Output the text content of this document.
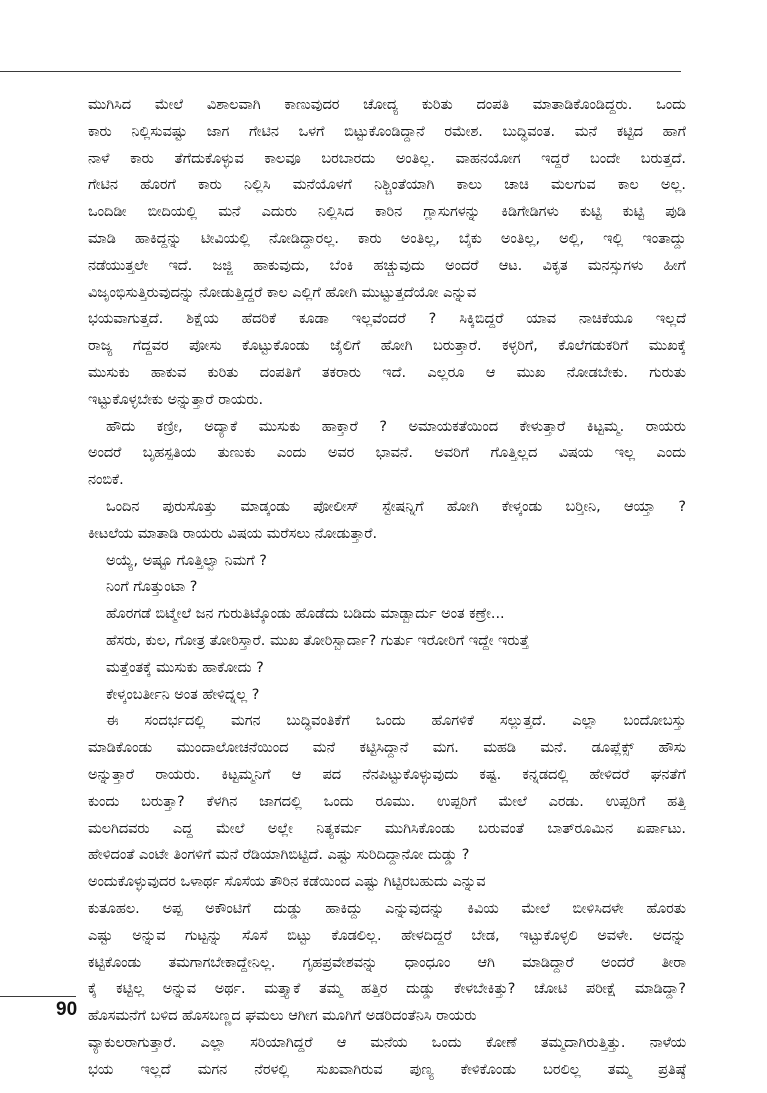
ಮುಗಿಸಿದ ಮೇಲೆ ವಿಶಾಲವಾಗಿ ಕಾಣುವುದರ ಚೋದ್ಯ ಕುರಿತು ದಂಪತಿ ಮಾತಾಡಿಕೊಂಡಿದ್ದರು. ಒಂದು
ಕಾರು ನಿಲ್ಲಿಸುವಷ್ಟು ಜಾಗ ಗೇಟಿನ ಒಳಗೆ ಬಿಟ್ಟುಕೊಂಡಿದ್ದಾನೆ ರಮೇಶ. ಬುದ್ಧಿವಂತ. ಮನೆ ಕಟ್ಟಿದ ಹಾಗೆ
ನಾಳೆ ಕಾರು ತೆಗೆದುಕೊಳ್ಳುವ ಕಾಲವೂ ಬರಬಾರದು ಅಂತಿಲ್ಲ. ವಾಹನಯೋಗ ಇದ್ದರೆ ಬಂದೇ ಬರುತ್ತದೆ.
ಗೇಟಿನ ಹೊರಗೆ ಕಾರು ನಿಲ್ಲಿಸಿ ಮನೆಯೊಳಗೆ ನಿಶ್ಚಿಂತೆಯಾಗಿ ಕಾಲು ಚಾಚಿ ಮಲಗುವ ಕಾಲ ಅಲ್ಲ.
ಒಂದಿಡೀ ಬೀದಿಯಲ್ಲಿ ಮನೆ ಎದುರು ನಿಲ್ಲಿಸಿದ ಕಾರಿನ ಗ್ಲಾಸುಗಳನ್ನು ಕಿಡಿಗೇಡಿಗಳು ಕುಟ್ಟಿ ಕುಟ್ಟಿ ಪುಡಿ
ಮಾಡಿ ಹಾಕಿದ್ದನ್ನು ಟೀವಿಯಲ್ಲಿ ನೋಡಿದ್ದಾರಲ್ಲ. ಕಾರು ಅಂತಿಲ್ಲ, ಬೈಕು ಅಂತಿಲ್ಲ, ಅಲ್ಲಿ, ಇಲ್ಲಿ ಇಂತಾದ್ದು
ನಡೆಯುತ್ತಲೇ ಇದೆ. ಜಜ್ಜಿ ಹಾಕುವುದು, ಬೆಂಕಿ ಹಚ್ಚುವುದು ಅಂದರೆ ಆಟ. ವಿಕೃತ ಮನಸ್ಸುಗಳು ಹೀಗೆ
ವಿಜೃಂಭಿಸುತ್ತಿರುವುದನ್ನು ನೋಡುತ್ತಿದ್ದರೆ ಕಾಲ ಎಲ್ಲಿಗೆ ಹೋಗಿ ಮುಟ್ಟುತ್ತದೆಯೋ ಎನ್ನುವ
ಭಯವಾಗುತ್ತದೆ. ಶಿಕ್ಷೆಯ ಹೆದರಿಕೆ ಕೂಡಾ ಇಲ್ಲವೆಂದರೆ ? ಸಿಕ್ಕಿಬಿದ್ದರೆ ಯಾವ ನಾಚಿಕೆಯೂ ಇಲ್ಲದೆ
ರಾಜ್ಯ ಗೆದ್ದವರ ಪೋಸು ಕೊಟ್ಟುಕೊಂಡು ಜೈಲಿಗೆ ಹೋಗಿ ಬರುತ್ತಾರೆ. ಕಳ್ಳರಿಗೆ, ಕೊಲೆಗಡುಕರಿಗೆ ಮುಖಕ್ಕೆ
ಮುಸುಕು ಹಾಕುವ ಕುರಿತು ದಂಪತಿಗೆ ತಕರಾರು ಇದೆ. ಎಲ್ಲರೂ ಆ ಮುಖ ನೋಡಬೇಕು. ಗುರುತು
ಇಟ್ಟುಕೊಳ್ಳಬೇಕು ಅನ್ನುತ್ತಾರೆ ರಾಯರು.
ಹೌದು ಕಣ್ರೀ, ಅದ್ಯಾಕೆ ಮುಸುಕು ಹಾಕ್ತಾರೆ ? ಅಮಾಯಕತೆಯಿಂದ ಕೇಳುತ್ತಾರೆ ಕಿಟ್ಟಮ್ಮ. ರಾಯರು
ಅಂದರೆ ಬೃಹಸ್ಪತಿಯ ತುಣುಕು ಎಂದು ಅವರ ಭಾವನೆ. ಅವರಿಗೆ ಗೊತ್ತಿಲ್ಲದ ವಿಷಯ ಇಲ್ಲ ಎಂದು
ನಂಬಿಕೆ.
ಒಂದಿನ ಪುರುಸೊತ್ತು ಮಾಡ್ಕಂಡು ಪೋಲೀಸ್ ಸ್ಟೇಷನ್ನಿಗೆ ಹೋಗಿ ಕೇಳ್ಕಂಡು ಬರ್‍ತೀನಿ, ಆಯ್ತಾ ?
ಕೀಟಲೆಯ ಮಾತಾಡಿ ರಾಯರು ವಿಷಯ ಮರೆಸಲು ನೋಡುತ್ತಾರೆ.
ಅಯ್ಯೆ, ಅಷ್ಟೂ ಗೊತ್ತಿಲ್ವಾ ನಿಮಗೆ ?
ನಿಂಗೆ ಗೊತ್ತುಂಟಾ ?
ಹೊರಗಡೆ ಬಿಟ್ಮೇಲೆ ಜನ ಗುರುತಿಟ್ಕೊಂಡು ಹೊಡೆದು ಬಡಿದು ಮಾಡ್ಬಾರ್ದು ಅಂತ ಕಣ್ರೇ...
ಹೆಸರು, ಕುಲ, ಗೋತ್ರ ತೋರಿಸ್ತಾರೆ. ಮುಖ ತೋರಿಸ್ಬಾರ್ದಾ? ಗುರ್ತು ಇರೋರಿಗೆ ಇದ್ದೇ ಇರುತ್ತೆ
ಮತ್ತೆಂತಕ್ಕೆ ಮುಸುಕು ಹಾಕೋದು ?
ಕೇಳ್ಕಂಬರ್ತೀನಿ ಅಂತ ಹೇಳಿದ್ನಲ್ಲ ?
ಈ ಸಂದರ್ಭದಲ್ಲಿ ಮಗನ ಬುದ್ಧಿವಂತಿಕೆಗೆ ಒಂದು ಹೊಗಳಿಕೆ ಸಲ್ಲುತ್ತದೆ. ಎಲ್ಲಾ ಬಂದೋಬಸ್ತು
ಮಾಡಿಕೊಂಡು ಮುಂದಾಲೋಚನೆಯಿಂದ ಮನೆ ಕಟ್ಟಿಸಿದ್ದಾನೆ ಮಗ. ಮಹಡಿ ಮನೆ. ಡೂಪ್ಲೆಕ್ಸ್ ಹೌಸು
ಅನ್ನುತ್ತಾರೆ ರಾಯರು. ಕಿಟ್ಟಮ್ಮನಿಗೆ ಆ ಪದ ನೆನಪಿಟ್ಟುಕೊಳ್ಳುವುದು ಕಷ್ಟ. ಕನ್ನಡದಲ್ಲಿ ಹೇಳಿದರೆ ಘನತೆಗೆ
ಕುಂದು ಬರುತ್ತಾ? ಕೆಳಗಿನ ಜಾಗದಲ್ಲಿ ಒಂದು ರೂಮು. ಉಪ್ಪರಿಗೆ ಮೇಲೆ ಎರಡು. ಉಪ್ಪರಿಗೆ ಹತ್ತಿ
ಮಲಗಿದವರು ಎದ್ದ ಮೇಲೆ ಅಲ್ಲೇ ನಿತ್ಯಕರ್ಮ ಮುಗಿಸಿಕೊಂಡು ಬರುವಂತೆ ಬಾತ್‌ರೂಮಿನ ಏರ್ಪಾಟು.
ಹೇಳಿದಂತೆ ಎಂಟೇ ತಿಂಗಳಿಗೆ ಮನೆ ರೆಡಿಯಾಗಿಬಿಟ್ಟಿದೆ. ಎಷ್ಟು ಸುರಿದಿದ್ದಾನೋ ದುಡ್ಡು ?
ಅಂದುಕೊಳ್ಳುವುದರ ಒಳಾರ್ಥ ಸೊಸೆಯ ತೌರಿನ ಕಡೆಯಿಂದ ಎಷ್ಟು ಗಿಟ್ಟಿರಬಹುದು ಎನ್ನುವ
ಕುತೂಹಲ. ಅಪ್ಪ ಅಕೌಂಟಿಗೆ ದುಡ್ಡು ಹಾಕಿದ್ದು ಎನ್ನುವುದನ್ನು ಕಿವಿಯ ಮೇಲೆ ಬೀಳಿಸಿದಳೇ ಹೊರತು
ಎಷ್ಟು ಅನ್ನುವ ಗುಟ್ಟನ್ನು ಸೊಸೆ ಬಿಟ್ಟು ಕೊಡಲಿಲ್ಲ. ಹೇಳದಿದ್ದರೆ ಬೇಡ, ಇಟ್ಟುಕೊಳ್ಳಲಿ ಅವಳೇ. ಅದನ್ನು
ಕಟ್ಟಿಕೊಂಡು ತಮಗಾಗಬೇಕಾದ್ದೇನಿಲ್ಲ. ಗೃಹಪ್ರವೇಶವನ್ನು ಧಾಂಧೂಂ ಆಗಿ ಮಾಡಿದ್ದಾರೆ ಅಂದರೆ ತೀರಾ
ಕೈ ಕಟ್ಟಿಲ್ಲ ಅನ್ನುವ ಅರ್ಥ. ಮತ್ತ್ಯಾಕೆ ತಮ್ಮ ಹತ್ತಿರ ದುಡ್ಡು ಕೇಳಬೇಕಿತ್ತು? ಚೋಟಿ ಪರೀಕ್ಷೆ ಮಾಡಿದ್ದಾ?
ಹೊಸಮನೆಗೆ ಬಳಿದ ಹೊಸಬಣ್ಣದ ಘಮಲು ಆಗೀಗ ಮೂಗಿಗೆ ಅಡರಿದಂತೆನಿಸಿ ರಾಯರು
ವ್ಯಾಕುಲರಾಗುತ್ತಾರೆ. ಎಲ್ಲಾ ಸರಿಯಾಗಿದ್ದರೆ ಆ ಮನೆಯ ಒಂದು ಕೋಣೆ ತಮ್ಮದಾಗಿರುತ್ತಿತ್ತು. ನಾಳೆಯ
ಭಯ ಇಲ್ಲದೆ ಮಗನ ನೆರಳಲ್ಲಿ ಸುಖವಾಗಿರುವ ಪುಣ್ಯ ಕೇಳಿಕೊಂಡು ಬರಲಿಲ್ಲ ತಮ್ಮ ಪ್ರತಿಷ್ಠೆ
90
